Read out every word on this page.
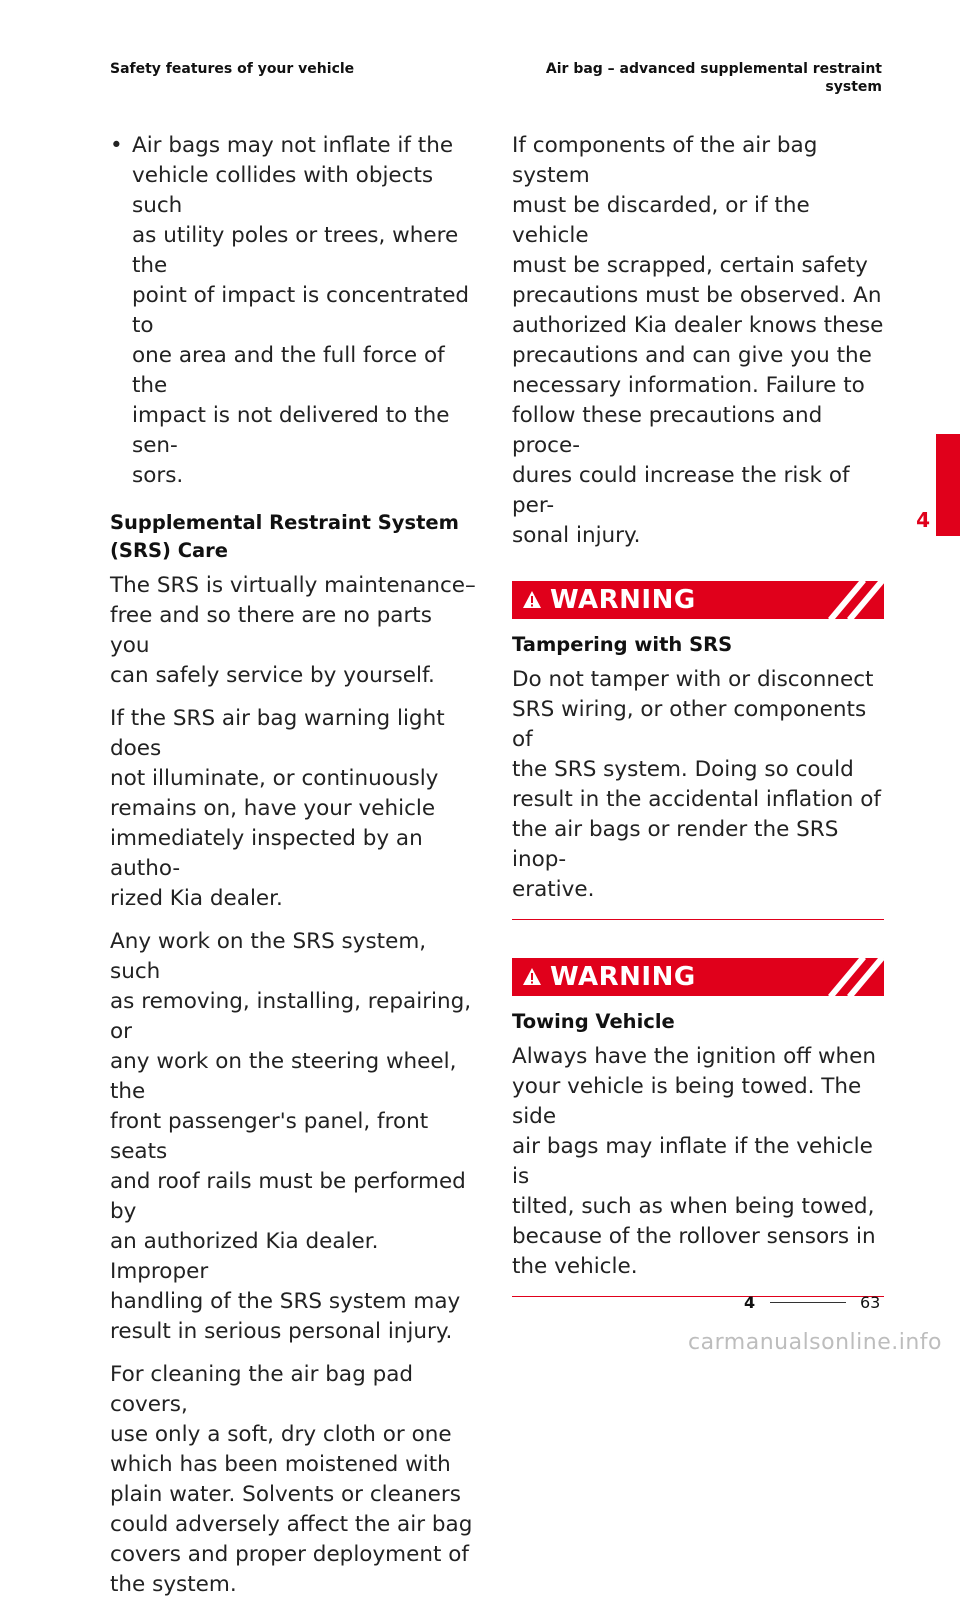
Safety features of your vehicle	Air bag – advanced supplemental restraint
system
• Air bags may not inflate if the
vehicle collides with objects such
as utility poles or trees, where the
point of impact is concentrated to
one area and the full force of the
impact is not delivered to the sen-
sors.
Supplemental Restraint System
(SRS) Care

The SRS is virtually maintenance–
free and so there are no parts you
can safely service by yourself.

If the SRS air bag warning light does
not illuminate, or continuously
remains on, have your vehicle
immediately inspected by an autho-
rized Kia dealer.

Any work on the SRS system, such
as removing, installing, repairing, or
any work on the steering wheel, the
front passenger's panel, front seats
and roof rails must be performed by
an authorized Kia dealer. Improper
handling of the SRS system may
result in serious personal injury.

For cleaning the air bag pad covers,
use only a soft, dry cloth or one
which has been moistened with
plain water. Solvents or cleaners
could adversely affect the air bag
covers and proper deployment of
the system.

If components of the air bag system
must be discarded, or if the vehicle
must be scrapped, certain safety
precautions must be observed. An
authorized Kia dealer knows these
precautions and can give you the
necessary information. Failure to
follow these precautions and proce-
dures could increase the risk of per-
sonal injury.

WARNING
Tampering with SRS
Do not tamper with or disconnect
SRS wiring, or other components of
the SRS system. Doing so could
result in the accidental inflation of
the air bags or render the SRS inop-
erative.
WARNING
Towing Vehicle
Always have the ignition off when
your vehicle is being towed. The side
air bags may inflate if the vehicle is
tilted, such as when being towed,
because of the rollover sensors in
the vehicle.
4
4	63
carmanualsonline.info
